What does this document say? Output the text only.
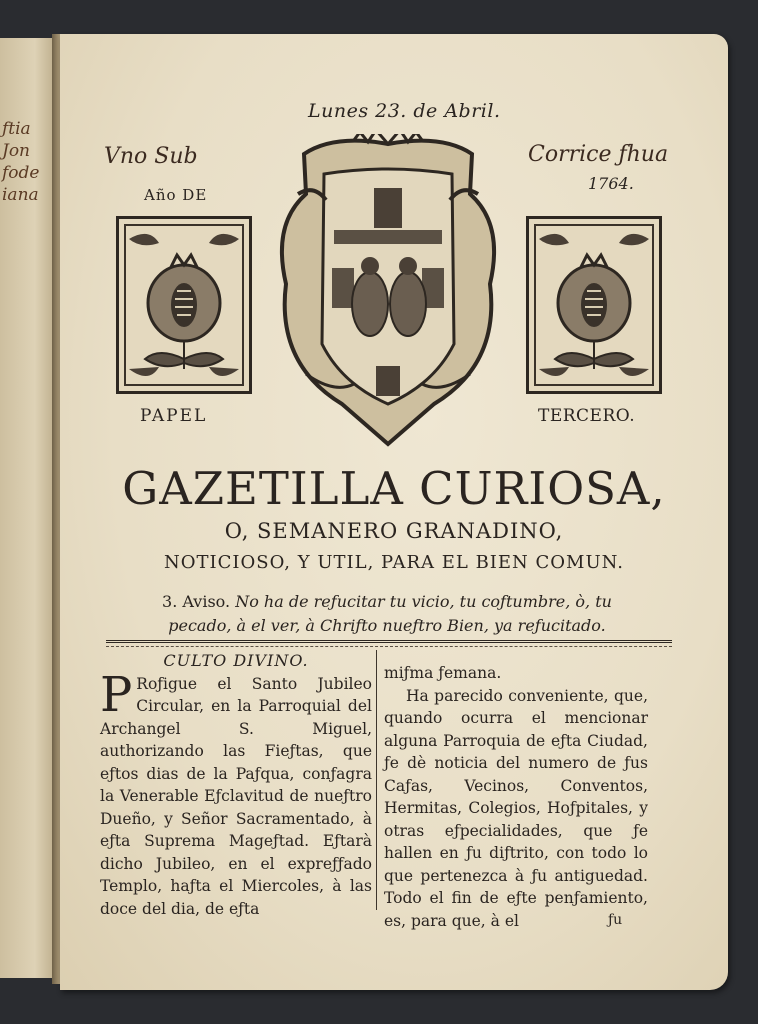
ƒtia
Jon
fode
iana
Lunes 23. de Abril.
Vno Sub
Año DE
Corrice ƒhua
1764.
PAPEL	TERCERO.
GAZETILLA CURIOSA,
O, SEMANERO GRANADINO,
NOTICIOSO, Y UTIL, PARA EL BIEN COMUN.
3. Aviso. No ha de reƒucitar tu vicio, tu coƒtumbre, ò, tu pecado, à el ver, à Chriƒto nueƒtro Bien, ya reƒucitado.
CULTO DIVINO.

P Roƒigue el Santo Jubileo Circular, en la Parroquial del Archangel S. Miguel, authorizando las Fieƒtas, que eƒtos dias de la Paƒqua, conƒagra la Venerable Eƒclavitud de nueƒtro Dueño, y Señor Sacramentado, à eƒta Suprema Mageƒtad. Eƒtarà dicho Jubileo, en el expreƒƒado Templo, haƒta el Miercoles, à las doce del dia, de eƒta

miƒma ƒemana.

Ha parecido conveniente, que, quando ocurra el mencionar alguna Parroquia de eƒta Ciudad, ƒe dè noticia del numero de ƒus Caƒas, Vecinos, Conventos, Hermitas, Colegios, Hoƒpitales, y otras eƒpecialidades, que ƒe hallen en ƒu diƒtrito, con todo lo que pertenezca à ƒu antiguedad. Todo el fin de eƒte penƒamiento, es, para que, à el	ƒu
